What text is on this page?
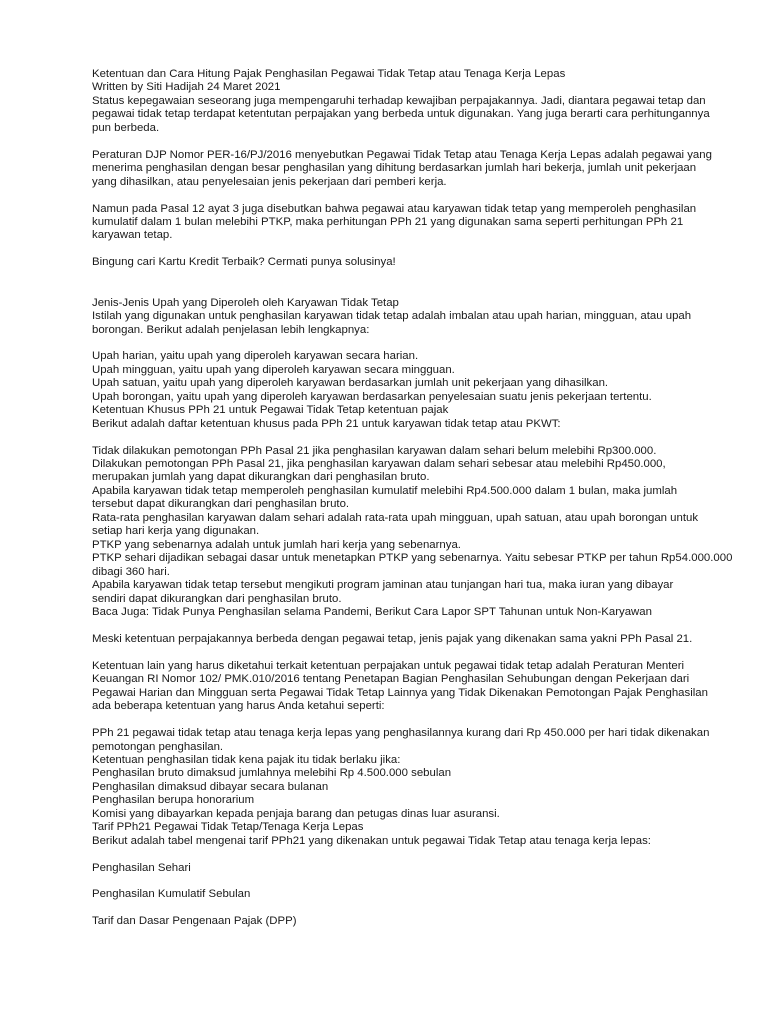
Ketentuan dan Cara Hitung Pajak Penghasilan Pegawai Tidak Tetap atau Tenaga Kerja Lepas
Written by Siti Hadijah 24 Maret 2021
Status kepegawaian seseorang juga mempengaruhi terhadap kewajiban perpajakannya. Jadi, diantara pegawai tetap dan
pegawai tidak tetap terdapat ketentutan perpajakan yang berbeda untuk digunakan. Yang juga berarti cara perhitungannya
pun berbeda.
Peraturan DJP Nomor PER-16/PJ/2016 menyebutkan Pegawai Tidak Tetap atau Tenaga Kerja Lepas adalah pegawai yang
menerima penghasilan dengan besar penghasilan yang dihitung berdasarkan jumlah hari bekerja, jumlah unit pekerjaan
yang dihasilkan, atau penyelesaian jenis pekerjaan dari pemberi kerja.
Namun pada Pasal 12 ayat 3 juga disebutkan bahwa pegawai atau karyawan tidak tetap yang memperoleh penghasilan
kumulatif dalam 1 bulan melebihi PTKP, maka perhitungan PPh 21 yang digunakan sama seperti perhitungan PPh 21
karyawan tetap.
Bingung cari Kartu Kredit Terbaik? Cermati punya solusinya!
Jenis-Jenis Upah yang Diperoleh oleh Karyawan Tidak Tetap
Istilah yang digunakan untuk penghasilan karyawan tidak tetap adalah imbalan atau upah harian, mingguan, atau upah
borongan. Berikut adalah penjelasan lebih lengkapnya:
Upah harian, yaitu upah yang diperoleh karyawan secara harian.
Upah mingguan, yaitu upah yang diperoleh karyawan secara mingguan.
Upah satuan, yaitu upah yang diperoleh karyawan berdasarkan jumlah unit pekerjaan yang dihasilkan.
Upah borongan, yaitu upah yang diperoleh karyawan berdasarkan penyelesaian suatu jenis pekerjaan tertentu.
Ketentuan Khusus PPh 21 untuk Pegawai Tidak Tetap ketentuan pajak
Berikut adalah daftar ketentuan khusus pada PPh 21 untuk karyawan tidak tetap atau PKWT:
Tidak dilakukan pemotongan PPh Pasal 21 jika penghasilan karyawan dalam sehari belum melebihi Rp300.000.
Dilakukan pemotongan PPh Pasal 21, jika penghasilan karyawan dalam sehari sebesar atau melebihi Rp450.000,
merupakan jumlah yang dapat dikurangkan dari penghasilan bruto.
Apabila karyawan tidak tetap memperoleh penghasilan kumulatif melebihi Rp4.500.000 dalam 1 bulan, maka jumlah
tersebut dapat dikurangkan dari penghasilan bruto.
Rata-rata penghasilan karyawan dalam sehari adalah rata-rata upah mingguan, upah satuan, atau upah borongan untuk
setiap hari kerja yang digunakan.
PTKP yang sebenarnya adalah untuk jumlah hari kerja yang sebenarnya.
PTKP sehari dijadikan sebagai dasar untuk menetapkan PTKP yang sebenarnya. Yaitu sebesar PTKP per tahun Rp54.000.000
dibagi 360 hari.
Apabila karyawan tidak tetap tersebut mengikuti program jaminan atau tunjangan hari tua, maka iuran yang dibayar
sendiri dapat dikurangkan dari penghasilan bruto.
Baca Juga: Tidak Punya Penghasilan selama Pandemi, Berikut Cara Lapor SPT Tahunan untuk Non-Karyawan
Meski ketentuan perpajakannya berbeda dengan pegawai tetap, jenis pajak yang dikenakan sama yakni PPh Pasal 21.
Ketentuan lain yang harus diketahui terkait ketentuan perpajakan untuk pegawai tidak tetap adalah Peraturan Menteri
Keuangan RI Nomor 102/ PMK.010/2016 tentang Penetapan Bagian Penghasilan Sehubungan dengan Pekerjaan dari
Pegawai Harian dan Mingguan serta Pegawai Tidak Tetap Lainnya yang Tidak Dikenakan Pemotongan Pajak Penghasilan
ada beberapa ketentuan yang harus Anda ketahui seperti:
PPh 21 pegawai tidak tetap atau tenaga kerja lepas yang penghasilannya kurang dari Rp 450.000 per hari tidak dikenakan
pemotongan penghasilan.
Ketentuan penghasilan tidak kena pajak itu tidak berlaku jika:
Penghasilan bruto dimaksud jumlahnya melebihi Rp 4.500.000 sebulan
Penghasilan dimaksud dibayar secara bulanan
Penghasilan berupa honorarium
Komisi yang dibayarkan kepada penjaja barang dan petugas dinas luar asuransi.
Tarif PPh21 Pegawai Tidak Tetap/Tenaga Kerja Lepas
Berikut adalah tabel mengenai tarif PPh21 yang dikenakan untuk pegawai Tidak Tetap atau tenaga kerja lepas:
Penghasilan Sehari
Penghasilan Kumulatif Sebulan
Tarif dan Dasar Pengenaan Pajak (DPP)
